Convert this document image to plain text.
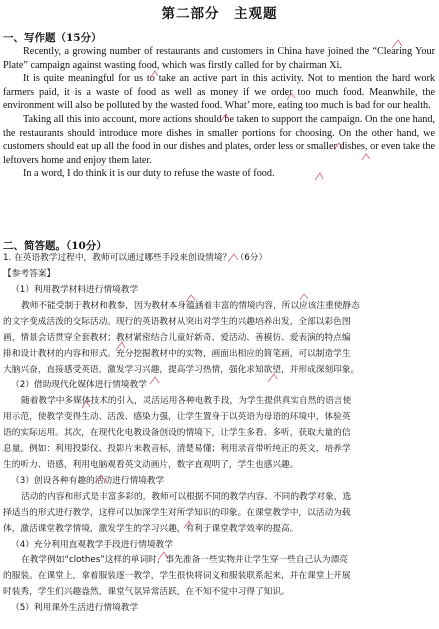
第二部分　主观题
一、写作题（15分）

Recently, a growing number of restaurants and customers in China have joined the “Clearing Your Plate” campaign against wasting food, which was firstly called for by chairman Xi.

It is quite meaningful for us to take an active part in this activity. Not to mention the hard work farmers paid, it is a waste of food as well as money if we order too much food. Meanwhile, the environment will also be polluted by the wasted food. What’ more, eating too much is bad for our health.

Taking all this into account, more actions should be taken to support the campaign. On the one hand, the restaurants should introduce more dishes in smaller portions for choosing. On the other hand, we customers should eat up all the food in our dishes and plates, order less or smaller dishes, or even take the leftovers home and enjoy them later.

In a word, I do think it is our duty to refuse the waste of food.

二、简答题。（10分）
1. 在英语教学过程中，教师可以通过哪些手段来创设情境？　（6分）
【参考答案】
（1）利用教学材料进行情境教学
教师不能受制于教材和教参，因为教材本身蕴涵着丰富的情境内容，所以应该注重使静态
的文字变成活泼的交际活动。现行的英语教材从突出对学生的兴趣培养出发，全部以彩色图
画，情景会话贯穿全套教材；教材紧密结合儿童好新奇、爱活动、善模仿、爱表演的特点编
排和设计教材的内容和形式。充分挖掘教材中的实物，画面出相应的简笔画，可以制造学生
大脑兴奋，直接感受英语，激发学习兴趣，提高学习热情，强化求知欲望，并形成深刻印象。
（2）借助现代化媒体进行情境教学
随着教学中多媒体技术的引入，灵活运用各种电教手段，为学生提供真实自然的语言使
用示范，使教学变得生动、活泼、感染力强，让学生置身于以英语为母语的环境中，体验英
语的实际运用。其次，在现代化电教设备创设的情境下，让学生多看、多听，获取大量的信
息量。例如：利用投影仪、投影片来教音标，清楚易懂；利用录音带听纯正的英文，培养学
生的听力、语感，利用电脑观看英文动画片，数字直观明了，学生也感兴趣。
（3）创设各种有趣的活动进行情境教学
活动的内容和形式是丰富多彩的，教师可以根据不同的教学内容、不同的教学对象，选
择适当的形式进行教学，这样可以加深学生对所学知识的印象。在课堂教学中，以活动为载
体，激活课堂教学情境，激发学生的学习兴趣，有利于课堂教学效率的提高。
（4）充分利用直观教学手段进行情境教学
在教学例如“clothes”这样的单词时，事先准备一些实物并让学生穿一些自己认为漂亮
的服装。在课堂上，拿着服装逐一教学，学生很快将词义和服装联系起来，并在课堂上开展
时装秀，学生们兴趣盎然，课堂气氛异常活跃，在不知不觉中习得了知识。
（5）利用课外生活进行情境教学
